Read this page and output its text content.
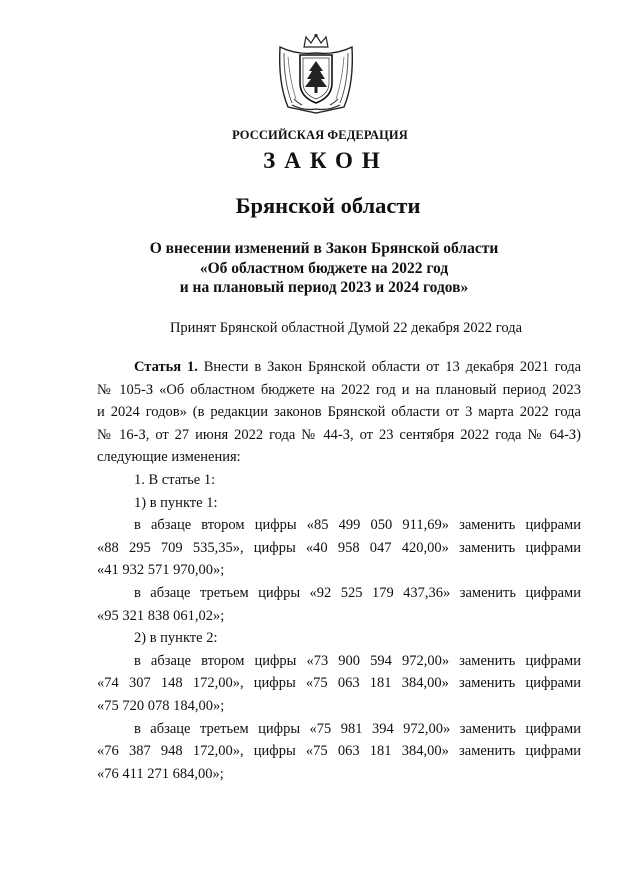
РОССИЙСКАЯ ФЕДЕРАЦИЯ
ЗАКОН
Брянской области
О внесении изменений в Закон Брянской области
«Об областном бюджете на 2022 год
и на плановый период 2023 и 2024 годов»
Принят Брянской областной Думой 22 декабря 2022 года
Статья 1. Внести в Закон Брянской области от 13 декабря 2021 года
№ 105-З «Об областном бюджете на 2022 год и на плановый период 2023
и 2024 годов» (в редакции законов Брянской области от 3 марта 2022 года
№ 16-З, от 27 июня 2022 года № 44-З, от 23 сентября 2022 года № 64-З)
следующие изменения:
1. В статье 1:
1) в пункте 1:
в абзаце втором цифры «85 499 050 911,69» заменить цифрами
«88 295 709 535,35», цифры «40 958 047 420,00» заменить цифрами
«41 932 571 970,00»;
в абзаце третьем цифры «92 525 179 437,36» заменить цифрами
«95 321 838 061,02»;
2) в пункте 2:
в абзаце втором цифры «73 900 594 972,00» заменить цифрами
«74 307 148 172,00», цифры «75 063 181 384,00» заменить цифрами
«75 720 078 184,00»;
в абзаце третьем цифры «75 981 394 972,00» заменить цифрами
«76 387 948 172,00», цифры «75 063 181 384,00» заменить цифрами
«76 411 271 684,00»;
